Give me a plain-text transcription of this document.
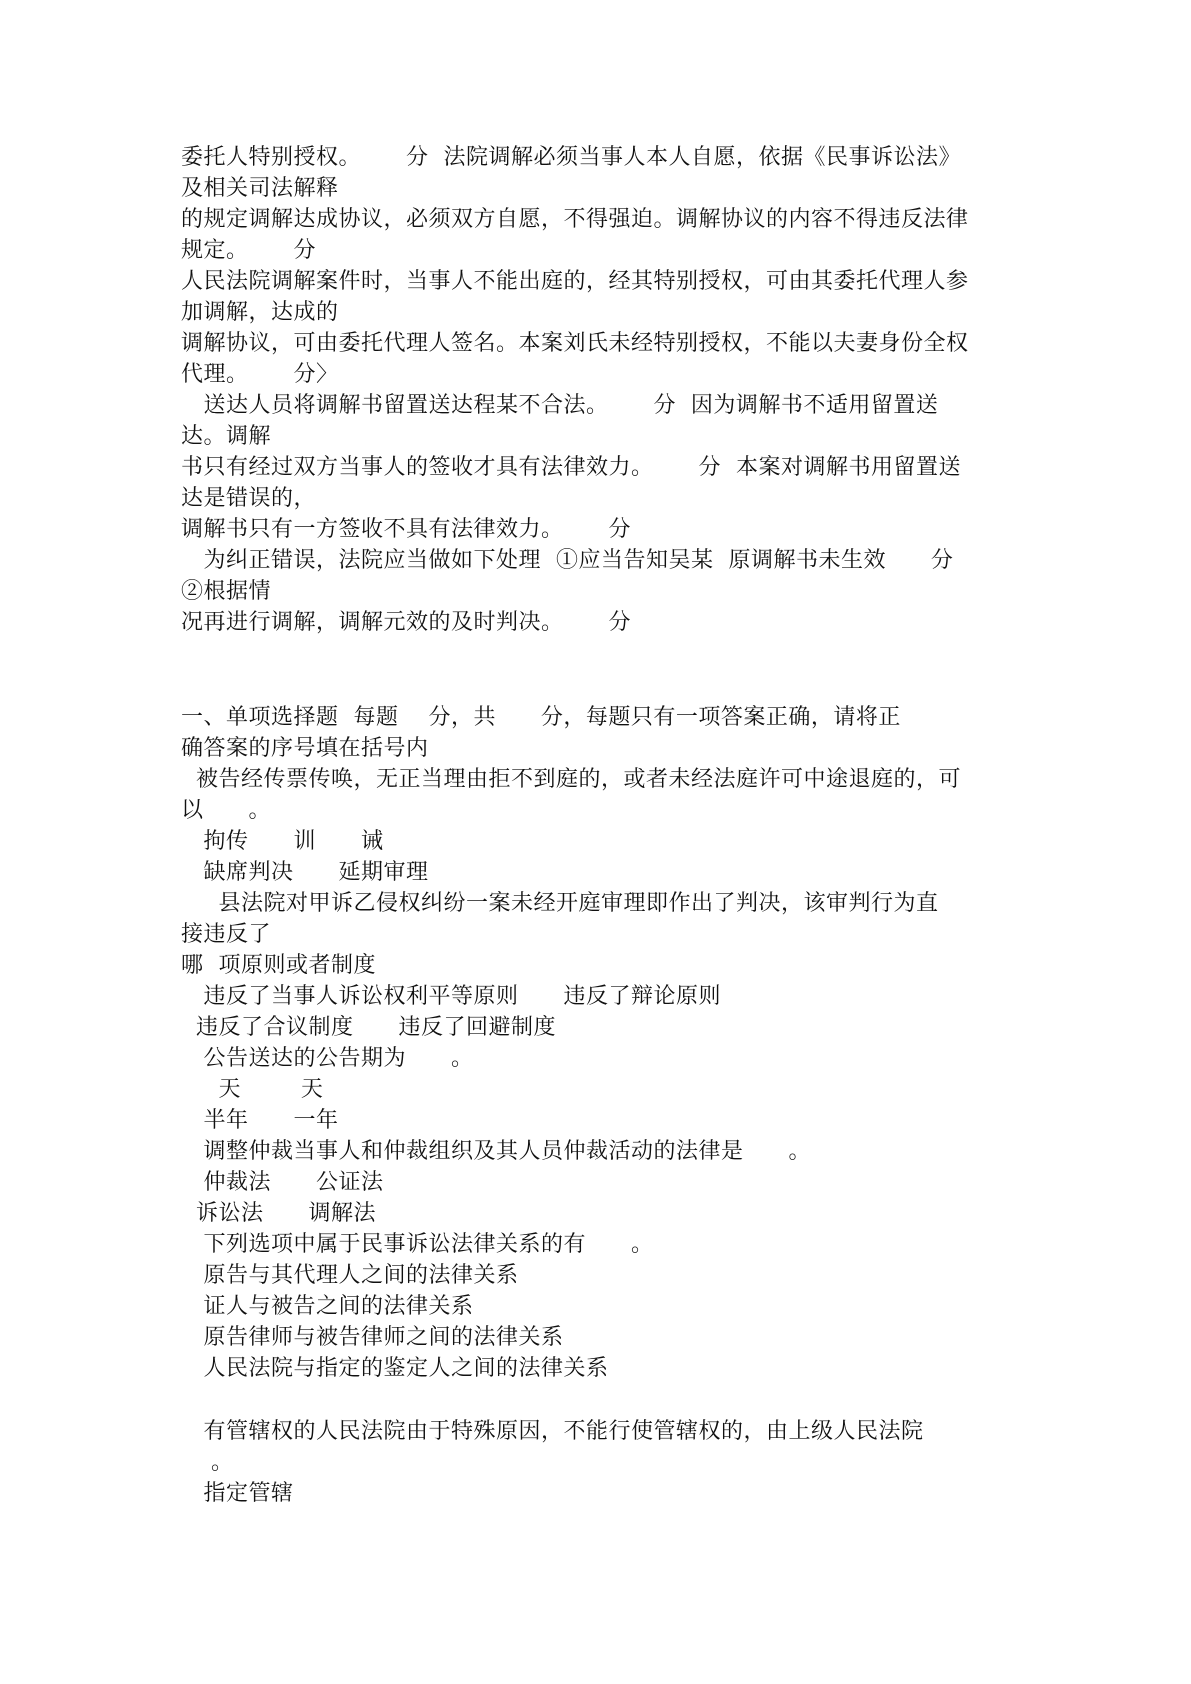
委托人特别授权。      分  法院调解必须当事人本人自愿，依据《民事诉讼法》
及相关司法解释
的规定调解达成协议，必须双方自愿，不得强迫。调解协议的内容不得违反法律
规定。      分
人民法院调解案件时，当事人不能出庭的，经其特别授权，可由其委托代理人参
加调解，达成的
调解协议，可由委托代理人签名。本案刘氏未经特别授权，不能以夫妻身份全权
代理。      分〉
送达人员将调解书留置送达程某不合法。      分  因为调解书不适用留置送
达。调解
书只有经过双方当事人的签收才具有法律效力。      分  本案对调解书用留置送
达是错误的，
调解书只有一方签收不具有法律效力。      分
为纠正错误，法院应当做如下处理  ①应当告知吴某  原调解书未生效      分
②根据情
况再进行调解，调解元效的及时判决。      分
一、单项选择题  每题    分，共      分，每题只有一项答案正确，请将正
确答案的序号填在括号内
被告经传票传唤，无正当理由拒不到庭的，或者未经法庭许可中途退庭的，可
以      。
拘传      训      诫
缺席判决      延期审理
县法院对甲诉乙侵权纠纷一案未经开庭审理即作出了判决，该审判行为直
接违反了
哪  项原则或者制度
违反了当事人诉讼权利平等原则      违反了辩论原则
违反了合议制度      违反了回避制度
公告送达的公告期为      。
天        天
半年      一年
调整仲裁当事人和仲裁组织及其人员仲裁活动的法律是      。
仲裁法      公证法
诉讼法      调解法
下列选项中属于民事诉讼法律关系的有      。
原告与其代理人之间的法律关系
证人与被告之间的法律关系
原告律师与被告律师之间的法律关系
人民法院与指定的鉴定人之间的法律关系
有管辖权的人民法院由于特殊原因，不能行使管辖权的，由上级人民法院
。
指定管辖
